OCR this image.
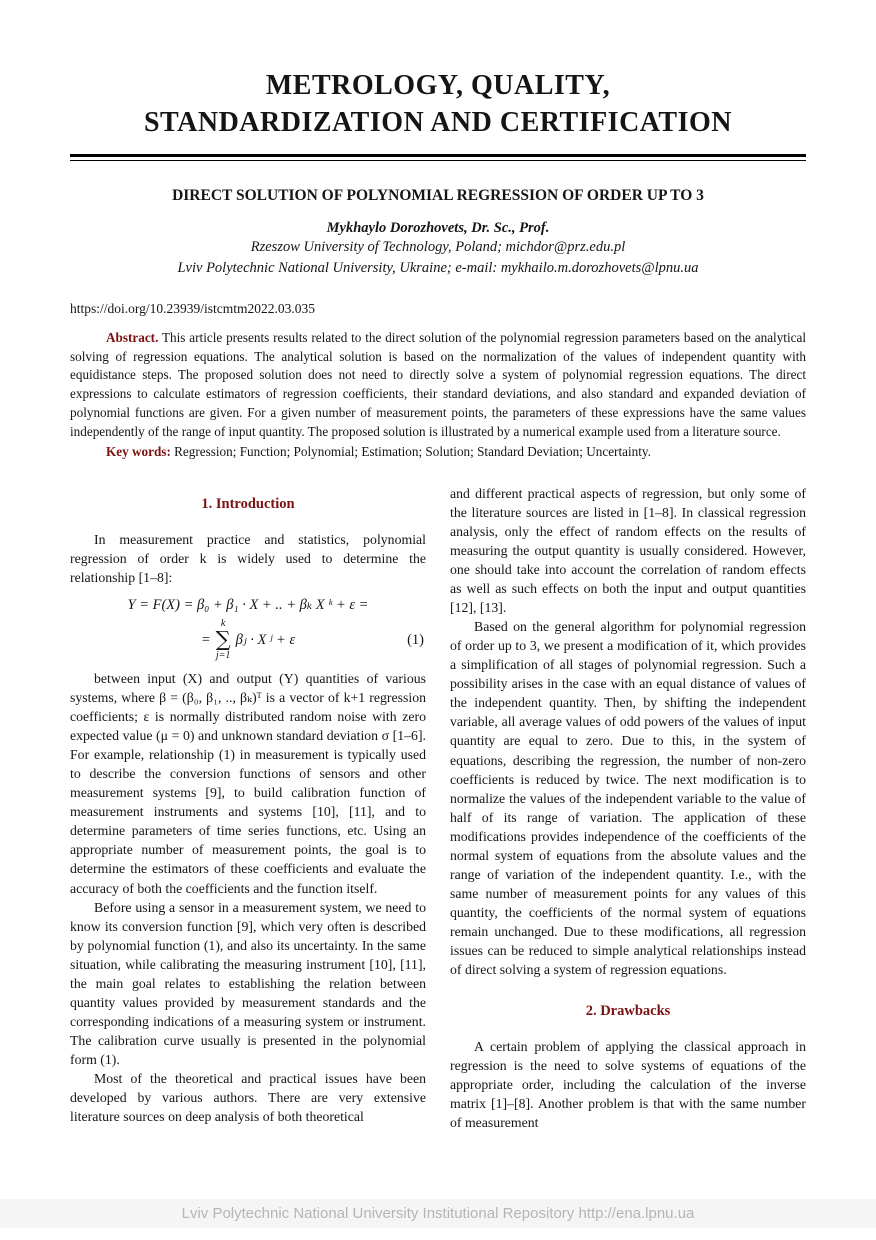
METROLOGY, QUALITY,
STANDARDIZATION AND CERTIFICATION
DIRECT SOLUTION OF POLYNOMIAL REGRESSION OF ORDER UP TO 3
Mykhaylo Dorozhovets, Dr. Sc., Prof.
Rzeszow University of Technology, Poland; michdor@prz.edu.pl
Lviv Polytechnic National University, Ukraine; e-mail: mykhailo.m.dorozhovets@lpnu.ua
https://doi.org/10.23939/istcmtm2022.03.035
Abstract. This article presents results related to the direct solution of the polynomial regression parameters based on the analytical solving of regression equations. The analytical solution is based on the normalization of the values of independent quantity with equidistance steps. The proposed solution does not need to directly solve a system of polynomial regression equations. The direct expressions to calculate estimators of regression coefficients, their standard deviations, and also standard and expanded deviation of polynomial functions are given. For a given number of measurement points, the parameters of these expressions have the same values independently of the range of input quantity. The proposed solution is illustrated by a numerical example used from a literature source.
Key words: Regression; Function; Polynomial; Estimation; Solution; Standard Deviation; Uncertainty.
1. Introduction

In measurement practice and statistics, polynomial regression of order k is widely used to determine the relationship [1–8]:

Y = F(X) = β₀ + β₁ · X + .. + βₖ X ᵏ + ε =
=
k
∑
j=1
βⱼ · X ʲ + ε	(1)

between input (X) and output (Y) quantities of various systems, where β = (β₀, β₁, .., βₖ)ᵀ is a vector of k+1 regression coefficients; ε is normally distributed random noise with zero expected value (μ = 0) and unknown standard deviation σ [1–6]. For example, relationship (1) in measurement is typically used to describe the conversion functions of sensors and other measurement systems [9], to build calibration function of measurement instruments and systems [10], [11], and to determine parameters of time series functions, etc. Using an appropriate number of measurement points, the goal is to determine the estimators of these coefficients and evaluate the accuracy of both the coefficients and the function itself.

Before using a sensor in a measurement system, we need to know its conversion function [9], which very often is described by polynomial function (1), and also its uncertainty. In the same situation, while calibrating the measuring instrument [10], [11], the main goal relates to establishing the relation between quantity values provided by measurement standards and the corresponding indications of a measuring system or instrument. The calibration curve usually is presented in the polynomial form (1).

Most of the theoretical and practical issues have been developed by various authors. There are very extensive literature sources on deep analysis of both theoretical

and different practical aspects of regression, but only some of the literature sources are listed in [1–8]. In classical regression analysis, only the effect of random effects on the results of measuring the output quantity is usually considered. However, one should take into account the correlation of random effects as well as such effects on both the input and output quantities [12], [13].

Based on the general algorithm for polynomial regression of order up to 3, we present a modification of it, which provides a simplification of all stages of polynomial regression. Such a possibility arises in the case with an equal distance of values of the independent quantity. Then, by shifting the independent variable, all average values of odd powers of the values of input quantity are equal to zero. Due to this, in the system of equations, describing the regression, the number of non-zero coefficients is reduced by twice. The next modification is to normalize the values of the independent variable to the value of half of its range of variation. The application of these modifications provides independence of the coefficients of the normal system of equations from the absolute values and the range of variation of the independent quantity. I.e., with the same number of measurement points for any values of this quantity, the coefficients of the normal system of equations remain unchanged. Due to these modifications, all regression issues can be reduced to simple analytical relationships instead of direct solving a system of regression equations.

2. Drawbacks

A certain problem of applying the classical approach in regression is the need to solve systems of equations of the appropriate order, including the calculation of the inverse matrix [1]–[8]. Another problem is that with the same number of measurement

Lviv Polytechnic National University Institutional Repository http://ena.lpnu.ua
